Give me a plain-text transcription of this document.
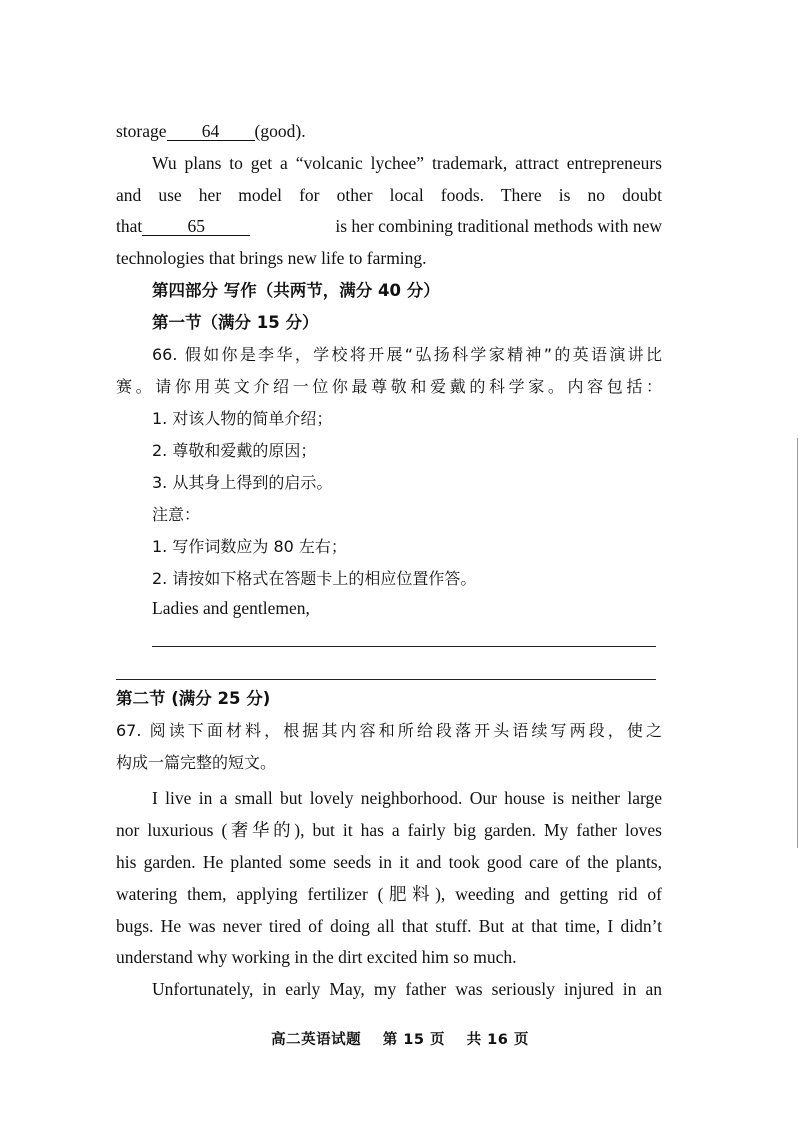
storage 64 (good).
Wu plans to get a “volcanic lychee” trademark, attract entrepreneurs
and use her model for other local foods. There is no doubt
that	65	is her combining traditional methods with new
technologies that brings new life to farming.
第四部分 写作（共两节，满分 40 分）
第一节（满分 15 分）
66. 假如你是李华，学校将开展“弘扬科学家精神”的英语演讲比
赛。请你用英文介绍一位你最尊敬和爱戴的科学家。内容包括：
1. 对该人物的简单介绍；
2. 尊敬和爱戴的原因；
3. 从其身上得到的启示。
注意：
1. 写作词数应为 80 左右；
2. 请按如下格式在答题卡上的相应位置作答。
Ladies and gentlemen,
第二节 (满分 25 分)
67. 阅读下面材料，根据其内容和所给段落开头语续写两段，使之
构成一篇完整的短文。
I live in a small but lovely neighborhood. Our house is neither large
nor luxurious (奢华的), but it has a fairly big garden. My father loves
his garden. He planted some seeds in it and took good care of the plants,
watering them, applying fertilizer (肥料), weeding and getting rid of
bugs. He was never tired of doing all that stuff. But at that time, I didn’t
understand why working in the dirt excited him so much.
Unfortunately, in early May, my father was seriously injured in an
高二英语试题 第 15 页 共 16 页
